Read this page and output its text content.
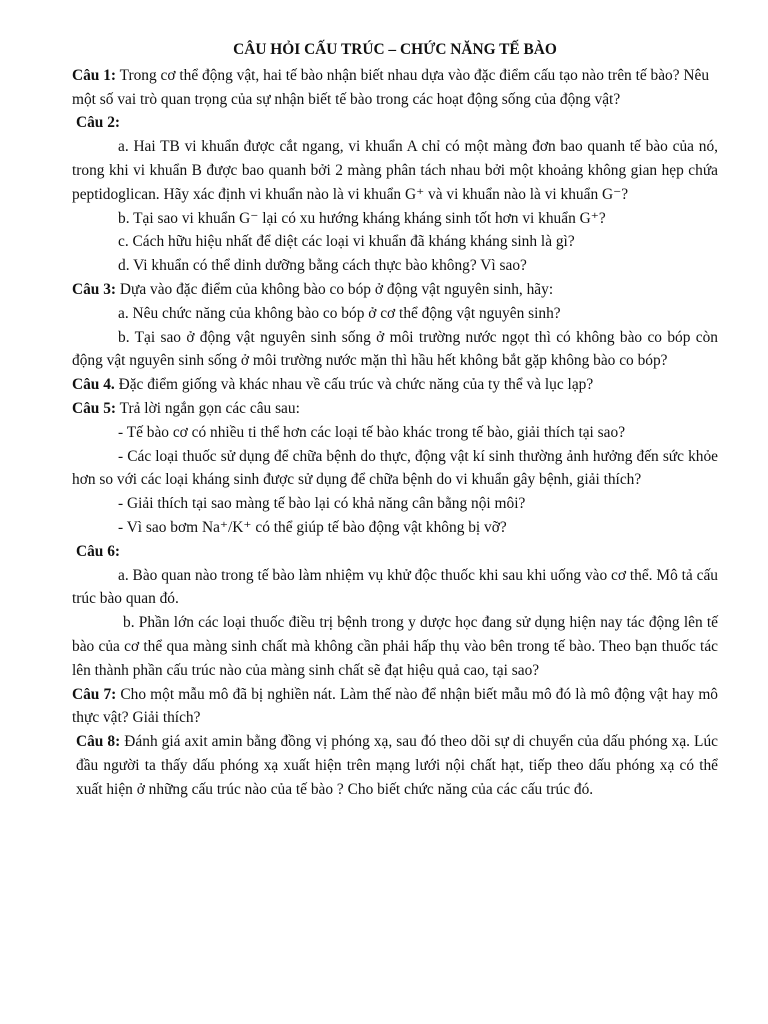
CÂU HỎI CẤU TRÚC – CHỨC NĂNG TẾ BÀO

Câu 1: Trong cơ thể động vật, hai tế bào nhận biết nhau dựa vào đặc điểm cấu tạo nào trên tế bào? Nêu một số vai trò quan trọng của sự nhận biết tế bào trong các hoạt động sống của động vật?

Câu 2:

a. Hai TB vi khuẩn được cắt ngang, vi khuẩn A chỉ có một màng đơn bao quanh tế bào của nó, trong khi vi khuẩn B được bao quanh bởi 2 màng phân tách nhau bởi một khoảng không gian hẹp chứa peptidoglican. Hãy xác định vi khuẩn nào là vi khuẩn G⁺ và vi khuẩn nào là vi khuẩn G⁻?

b. Tại sao vi khuẩn G⁻ lại có xu hướng kháng kháng sinh tốt hơn vi khuẩn G⁺?

c. Cách hữu hiệu nhất để diệt các loại vi khuẩn đã kháng kháng sinh là gì?

d. Vi khuẩn có thể dinh dưỡng bằng cách thực bào không? Vì sao?

Câu 3: Dựa vào đặc điểm của không bào co bóp ở động vật nguyên sinh, hãy:

a. Nêu chức năng của không bào co bóp ở cơ thể động vật nguyên sinh?

b. Tại sao ở động vật nguyên sinh sống ở môi trường nước ngọt thì có không bào co bóp còn động vật nguyên sinh sống ở môi trường nước mặn thì hầu hết không bắt gặp không bào co bóp?

Câu 4. Đặc điểm giống và khác nhau về cấu trúc và chức năng của ty thể và lục lạp?

Câu 5: Trả lời ngắn gọn các câu sau:

- Tế bào cơ có nhiều ti thể hơn các loại tế bào khác trong tế bào, giải thích tại sao?

- Các loại thuốc sử dụng để chữa bệnh do thực, động vật kí sinh thường ảnh hưởng đến sức khỏe hơn so với các loại kháng sinh được sử dụng để chữa bệnh do vi khuẩn gây bệnh, giải thích?

- Giải thích tại sao màng tế bào lại có khả năng cân bằng nội môi?

- Vì sao bơm Na⁺/K⁺ có thể giúp tế bào động vật không bị vỡ?

Câu 6:

a. Bào quan nào trong tế bào làm nhiệm vụ khử độc thuốc khi sau khi uống vào cơ thể. Mô tả cấu trúc bào quan đó.

b. Phần lớn các loại thuốc điều trị bệnh trong y dược học đang sử dụng hiện nay tác động lên tế bào của cơ thể qua màng sinh chất mà không cần phải hấp thụ vào bên trong tế bào. Theo bạn thuốc tác lên thành phần cấu trúc nào của màng sinh chất sẽ đạt hiệu quả cao, tại sao?

Câu 7: Cho một mẫu mô đã bị nghiền nát. Làm thế nào để nhận biết mẫu mô đó là mô động vật hay mô thực vật? Giải thích?

Câu 8: Đánh giá axit amin bằng đồng vị phóng xạ, sau đó theo dõi sự di chuyển của dấu phóng xạ. Lúc đầu người ta thấy dấu phóng xạ xuất hiện trên mạng lưới nội chất hạt, tiếp theo dấu phóng xạ có thể xuất hiện ở những cấu trúc nào của tế bào ? Cho biết chức năng của các cấu trúc đó.
